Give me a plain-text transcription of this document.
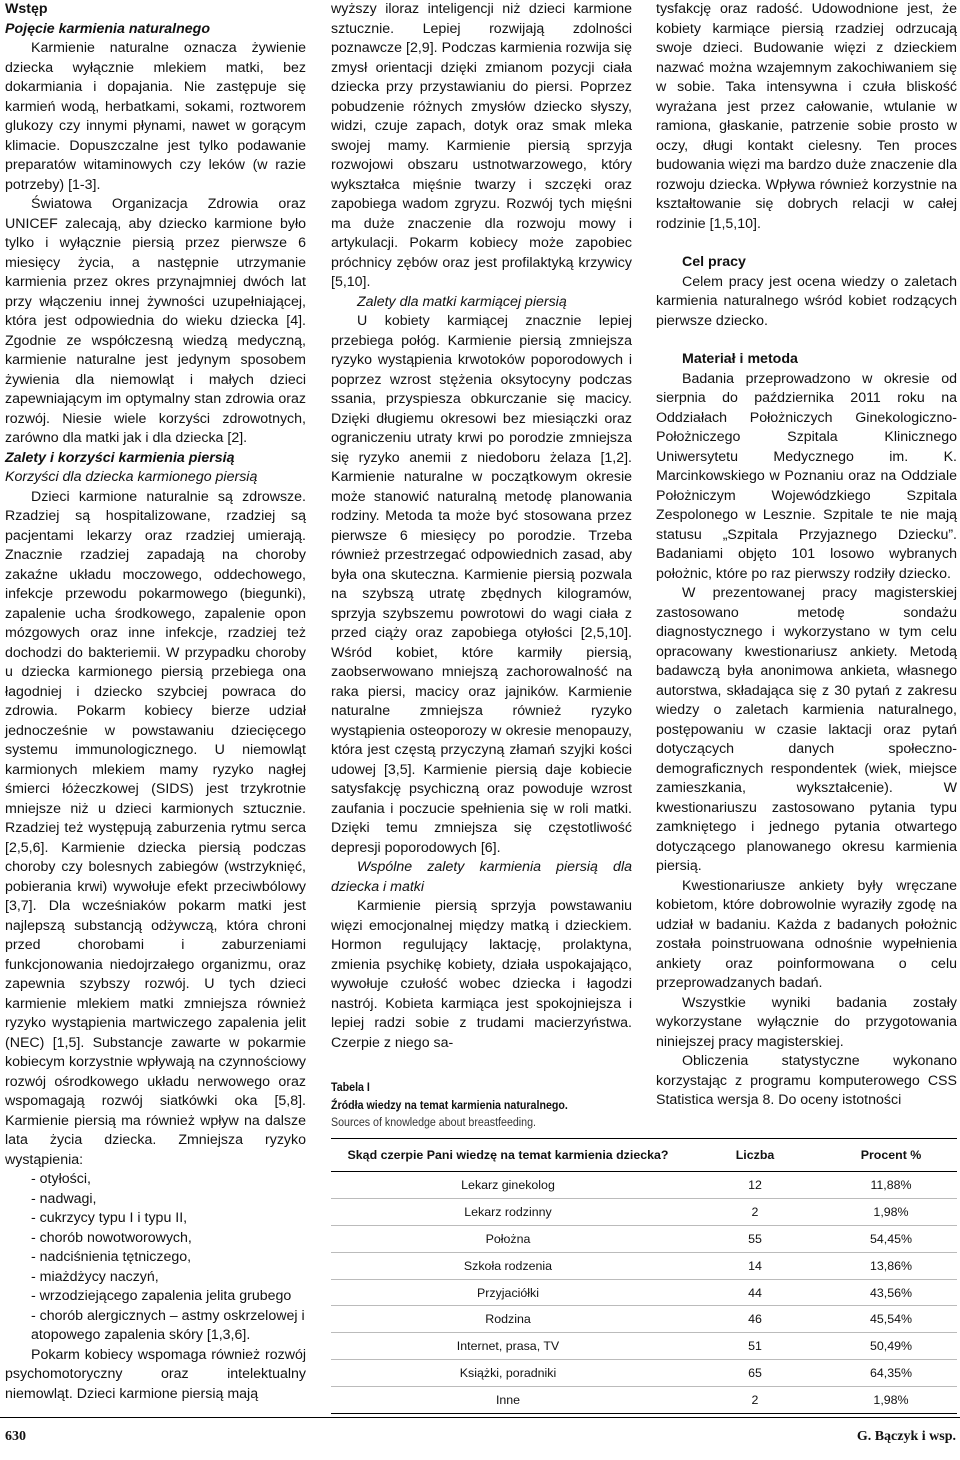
Wstęp

Pojęcie karmienia naturalnego

Karmienie naturalne oznacza żywienie dziecka wyłącznie mlekiem matki, bez dokarmiania i dopajania. Nie zastępuje się karmień wodą, herbatkami, sokami, roztworem glukozy czy innymi płynami, nawet w gorącym klimacie. Dopuszczalne jest tylko podawanie preparatów witaminowych czy leków (w razie potrzeby) [1-3].

Światowa Organizacja Zdrowia oraz UNICEF zalecają, aby dziecko karmione było tylko i wyłącznie piersią przez pierwsze 6 miesięcy życia, a następnie utrzymanie karmienia przez okres przynajmniej dwóch lat przy włączeniu innej żywności uzupełniającej, która jest odpowiednia do wieku dziecka [4]. Zgodnie ze współczesną wiedzą medyczną, karmienie naturalne jest jedynym sposobem żywienia dla niemowląt i małych dzieci zapewniającym im optymalny stan zdrowia oraz rozwój. Niesie wiele korzyści zdrowotnych, zarówno dla matki jak i dla dziecka [2].

Zalety i korzyści karmienia piersią

Korzyści dla dziecka karmionego piersią

Dzieci karmione naturalnie są zdrowsze. Rzadziej są hospitalizowane, rzadziej są pacjentami lekarzy oraz rzadziej umierają. Znacznie rzadziej zapadają na choroby zakaźne układu moczowego, oddechowego, infekcje przewodu pokarmowego (biegunki), zapalenie ucha środkowego, zapalenie opon mózgowych oraz inne infekcje, rzadziej też dochodzi do bakteriemii. W przypadku choroby u dziecka karmionego piersią przebiega ona łagodniej i dziecko szybciej powraca do zdrowia. Pokarm kobiecy bierze udział jednocześnie w powstawaniu dziecięcego systemu immunologicznego. U niemowląt karmionych mlekiem mamy ryzyko nagłej śmierci łóżeczkowej (SIDS) jest trzykrotnie mniejsze niż u dzieci karmionych sztucznie. Rzadziej też występują zaburzenia rytmu serca [2,5,6]. Karmienie dziecka piersią podczas choroby czy bolesnych zabiegów (wstrzyknięć, pobierania krwi) wywołuje efekt przeciwbólowy [3,7]. Dla wcześniaków pokarm matki jest najlepszą substancją odżywczą, która chroni przed chorobami i zaburzeniami funkcjonowania niedojrzałego organizmu, oraz zapewnia szybszy rozwój. U tych dzieci karmienie mlekiem matki zmniejsza również ryzyko wystąpienia martwiczego zapalenia jelit (NEC) [1,5]. Substancje zawarte w pokarmie kobiecym korzystnie wpływają na czynnościowy rozwój ośrodkowego układu nerwowego oraz wspomagają rozwój siatkówki oka [5,8]. Karmienie piersią ma również wpływ na dalsze lata życia dziecka. Zmniejsza ryzyko wystąpienia:

- otyłości,

- nadwagi,

- cukrzycy typu I i typu II,

- chorób nowotworowych,

- nadciśnienia tętniczego,

- miażdżycy naczyń,

- wrzodziejącego zapalenia jelita grubego

- chorób alergicznych – astmy oskrzelowej i atopowego zapalenia skóry [1,3,6].

Pokarm kobiecy wspomaga również rozwój psychomotoryczny oraz intelektualny niemowląt. Dzieci karmione piersią mają

wyższy iloraz inteligencji niż dzieci karmione sztucznie. Lepiej rozwijają zdolności poznawcze [2,9]. Podczas karmienia rozwija się zmysł orientacji dzięki zmianom pozycji ciała dziecka przy przystawianiu do piersi. Poprzez pobudzenie różnych zmysłów dziecko słyszy, widzi, czuje zapach, dotyk oraz smak mleka swojej mamy. Karmienie piersią sprzyja rozwojowi obszaru ustnotwarzowego, który wykształca mięśnie twarzy i szczęki oraz zapobiega wadom zgryzu. Rozwój tych mięśni ma duże znaczenie dla rozwoju mowy i artykulacji. Pokarm kobiecy może zapobiec próchnicy zębów oraz jest profilaktyką krzywicy [5,10].

Zalety dla matki karmiącej piersią

U kobiety karmiącej znacznie lepiej przebiega połóg. Karmienie piersią zmniejsza ryzyko wystąpienia krwotoków poporodowych i poprzez wzrost stężenia oksytocyny podczas ssania, przyspiesza obkurczanie się macicy. Dzięki długiemu okresowi bez miesiączki oraz ograniczeniu utraty krwi po porodzie zmniejsza się ryzyko anemii z niedoboru żelaza [1,2]. Karmienie naturalne w początkowym okresie może stanowić naturalną metodę planowania rodziny. Metoda ta może być stosowana przez pierwsze 6 miesięcy po porodzie. Trzeba również przestrzegać odpowiednich zasad, aby była ona skuteczna. Karmienie piersią pozwala na szybszą utratę zbędnych kilogramów, sprzyja szybszemu powrotowi do wagi ciała z przed ciąży oraz zapobiega otyłości [2,5,10]. Wśród kobiet, które karmiły piersią, zaobserwowano mniejszą zachorowalność na raka piersi, macicy oraz jajników. Karmienie naturalne zmniejsza również ryzyko wystąpienia osteoporozy w okresie menopauzy, która jest częstą przyczyną złamań szyjki kości udowej [3,5]. Karmienie piersią daje kobiecie satysfakcję psychiczną oraz powoduje wzrost zaufania i poczucie spełnienia się w roli matki. Dzięki temu zmniejsza się częstotliwość depresji poporodowych [6].

Wspólne zalety karmienia piersią dla dziecka i matki

Karmienie piersią sprzyja powstawaniu więzi emocjonalnej między matką i dzieckiem. Hormon regulujący laktację, prolaktyna, zmienia psychikę kobiety, działa uspokajająco, wywołuje czułość wobec dziecka i łagodzi nastrój. Kobieta karmiąca jest spokojniejsza i lepiej radzi sobie z trudami macierzyństwa. Czerpie z niego sa-

tysfakcję oraz radość. Udowodnione jest, że kobiety karmiące piersią rzadziej odrzucają swoje dzieci. Budowanie więzi z dzieckiem nazwać można wzajemnym zakochiwaniem się w sobie. Taka intensywna i czuła bliskość wyrażana jest przez całowanie, wtulanie w ramiona, głaskanie, patrzenie sobie prosto w oczy, długi kontakt cielesny. Ten proces budowania więzi ma bardzo duże znaczenie dla rozwoju dziecka. Wpływa również korzystnie na kształtowanie się dobrych relacji w całej rodzinie [1,5,10].

Cel pracy

Celem pracy jest ocena wiedzy o zaletach karmienia naturalnego wśród kobiet rodzących pierwsze dziecko.

Materiał i metoda

Badania przeprowadzono w okresie od sierpnia do października 2011 roku na Oddziałach Położniczych Ginekologiczno-Położniczego Szpitala Klinicznego Uniwersytetu Medycznego im. K. Marcinkowskiego w Poznaniu oraz na Oddziale Położniczym Wojewódzkiego Szpitala Zespolonego w Lesznie. Szpitale te nie mają statusu „Szpitala Przyjaznego Dziecku”. Badaniami objęto 101 losowo wybranych położnic, które po raz pierwszy rodziły dziecko.

W prezentowanej pracy magisterskiej zastosowano metodę sondażu diagnostycznego i wykorzystano w tym celu opracowany kwestionariusz ankiety. Metodą badawczą była anonimowa ankieta, własnego autorstwa, składająca się z 30 pytań z zakresu wiedzy o zaletach karmienia naturalnego, postępowaniu w czasie laktacji oraz pytań dotyczących danych społeczno-demograficznych respondentek (wiek, miejsce zamieszkania, wykształcenie). W kwestionariuszu zastosowano pytania typu zamkniętego i jednego pytania otwartego dotyczącego planowanego okresu karmienia piersią.

Kwestionariusze ankiety były wręczane kobietom, które dobrowolnie wyraziły zgodę na udział w badaniu. Każda z badanych położnic została poinstruowana odnośnie wypełnienia ankiety oraz poinformowana o celu przeprowadzanych badań.

Wszystkie wyniki badania zostały wykorzystane wyłącznie do przygotowania niniejszej pracy magisterskiej.

Obliczenia statystyczne wykonano korzystając z programu komputerowego CSS Statistica wersja 8. Do oceny istotności

Tabela I
Źródła wiedzy na temat karmienia naturalnego.
Sources of knowledge about breastfeeding.
Skąd czerpie Pani wiedzę na temat karmienia dziecka?	Liczba	Procent %
Lekarz ginekolog	12	11,88%
Lekarz rodzinny	2	1,98%
Położna	55	54,45%
Szkoła rodzenia	14	13,86%
Przyjaciółki	44	43,56%
Rodzina	46	45,54%
Internet, prasa, TV	51	50,49%
Książki, poradniki	65	64,35%
Inne	2	1,98%
630	G. Bączyk i wsp.
